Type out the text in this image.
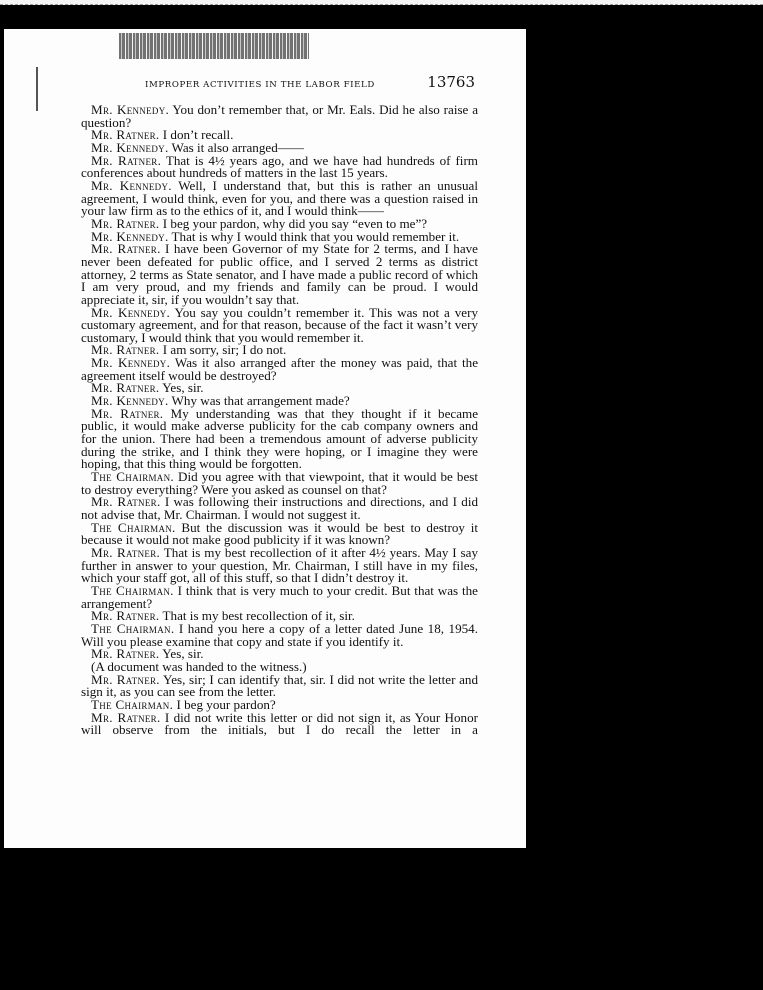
IMPROPER ACTIVITIES IN THE LABOR FIELD	13763

Mr. Kennedy. You don’t remember that, or Mr. Eals. Did he also raise a question?

Mr. Ratner. I don’t recall.

Mr. Kennedy. Was it also arranged——

Mr. Ratner. That is 4½ years ago, and we have had hundreds of firm conferences about hundreds of matters in the last 15 years.

Mr. Kennedy. Well, I understand that, but this is rather an unusual agreement, I would think, even for you, and there was a question raised in your law firm as to the ethics of it, and I would think——

Mr. Ratner. I beg your pardon, why did you say “even to me”?

Mr. Kennedy. That is why I would think that you would remember it.

Mr. Ratner. I have been Governor of my State for 2 terms, and I have never been defeated for public office, and I served 2 terms as district attorney, 2 terms as State senator, and I have made a public record of which I am very proud, and my friends and family can be proud. I would appreciate it, sir, if you wouldn’t say that.

Mr. Kennedy. You say you couldn’t remember it. This was not a very customary agreement, and for that reason, because of the fact it wasn’t very customary, I would think that you would remember it.

Mr. Ratner. I am sorry, sir; I do not.

Mr. Kennedy. Was it also arranged after the money was paid, that the agreement itself would be destroyed?

Mr. Ratner. Yes, sir.

Mr. Kennedy. Why was that arrangement made?

Mr. Ratner. My understanding was that they thought if it became public, it would make adverse publicity for the cab company owners and for the union. There had been a tremendous amount of adverse publicity during the strike, and I think they were hoping, or I imagine they were hoping, that this thing would be forgotten.

The Chairman. Did you agree with that viewpoint, that it would be best to destroy everything? Were you asked as counsel on that?

Mr. Ratner. I was following their instructions and directions, and I did not advise that, Mr. Chairman. I would not suggest it.

The Chairman. But the discussion was it would be best to destroy it because it would not make good publicity if it was known?

Mr. Ratner. That is my best recollection of it after 4½ years. May I say further in answer to your question, Mr. Chairman, I still have in my files, which your staff got, all of this stuff, so that I didn’t destroy it.

The Chairman. I think that is very much to your credit. But that was the arrangement?

Mr. Ratner. That is my best recollection of it, sir.

The Chairman. I hand you here a copy of a letter dated June 18, 1954. Will you please examine that copy and state if you identify it.

Mr. Ratner. Yes, sir.

(A document was handed to the witness.)

Mr. Ratner. Yes, sir; I can identify that, sir. I did not write the letter and sign it, as you can see from the letter.

The Chairman. I beg your pardon?

Mr. Ratner. I did not write this letter or did not sign it, as Your Honor will observe from the initials, but I do recall the letter in a
